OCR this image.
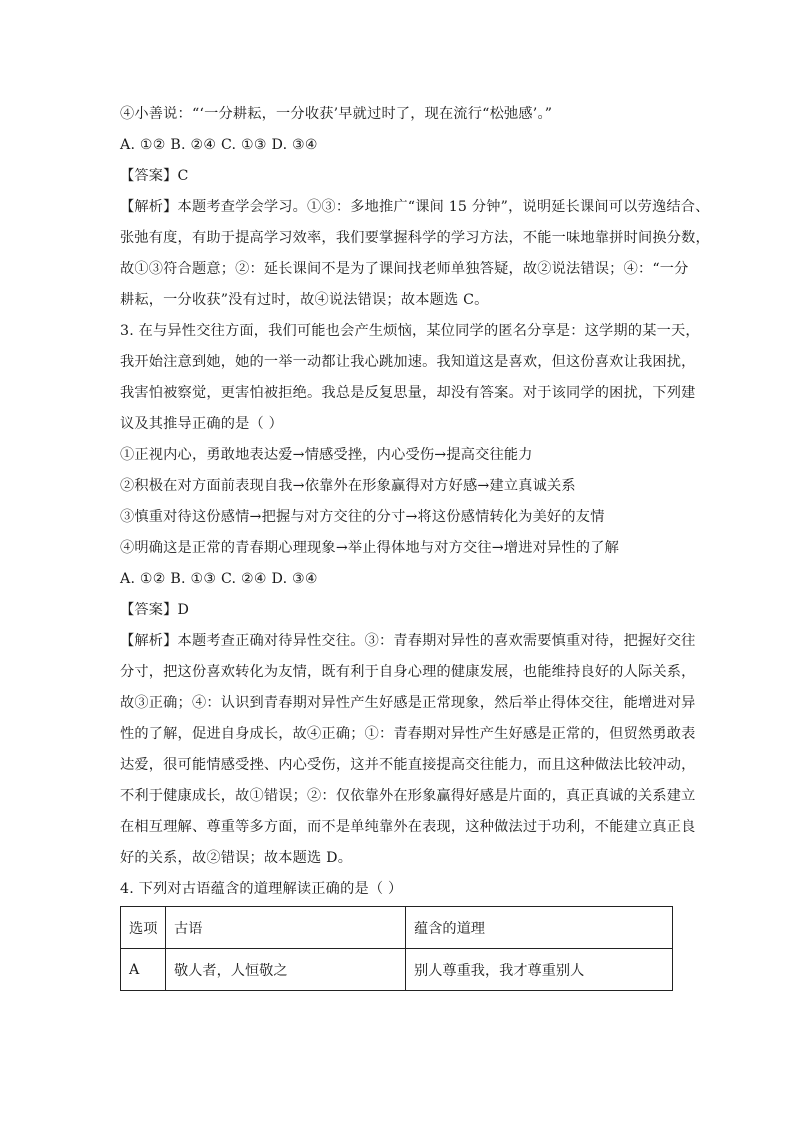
④小善说：“‘一分耕耘，一分收获’早就过时了，现在流行“松弛感’。”
A. ①② B. ②④ C. ①③ D. ③④
【答案】C
【解析】本题考查学会学习。①③：多地推广“课间 15 分钟”，说明延长课间可以劳逸结合、
张弛有度，有助于提高学习效率，我们要掌握科学的学习方法，不能一味地靠拼时间换分数，
故①③符合题意；②：延长课间不是为了课间找老师单独答疑，故②说法错误；④：“一分
耕耘，一分收获”没有过时，故④说法错误；故本题选 C。
3. 在与异性交往方面，我们可能也会产生烦恼，某位同学的匿名分享是：这学期的某一天，
我开始注意到她，她的一举一动都让我心跳加速。我知道这是喜欢，但这份喜欢让我困扰，
我害怕被察觉，更害怕被拒绝。我总是反复思量，却没有答案。对于该同学的困扰，下列建
议及其推导正确的是（ ）
①正视内心，勇敢地表达爱→情感受挫，内心受伤→提高交往能力
②积极在对方面前表现自我→依靠外在形象赢得对方好感→建立真诚关系
③慎重对待这份感情→把握与对方交往的分寸→将这份感情转化为美好的友情
④明确这是正常的青春期心理现象→举止得体地与对方交往→增进对异性的了解
A. ①② B. ①③ C. ②④ D. ③④
【答案】D
【解析】本题考查正确对待异性交往。③：青春期对异性的喜欢需要慎重对待，把握好交往
分寸，把这份喜欢转化为友情，既有利于自身心理的健康发展，也能维持良好的人际关系，
故③正确；④：认识到青春期对异性产生好感是正常现象，然后举止得体交往，能增进对异
性的了解，促进自身成长，故④正确；①：青春期对异性产生好感是正常的，但贸然勇敢表
达爱，很可能情感受挫、内心受伤，这并不能直接提高交往能力，而且这种做法比较冲动，
不利于健康成长，故①错误；②：仅依靠外在形象赢得好感是片面的，真正真诚的关系建立
在相互理解、尊重等多方面，而不是单纯靠外在表现，这种做法过于功利，不能建立真正良
好的关系，故②错误；故本题选 D。
4. 下列对古语蕴含的道理解读正确的是（ ）
选项	古语	蕴含的道理
A	敬人者，人恒敬之	别人尊重我，我才尊重别人
